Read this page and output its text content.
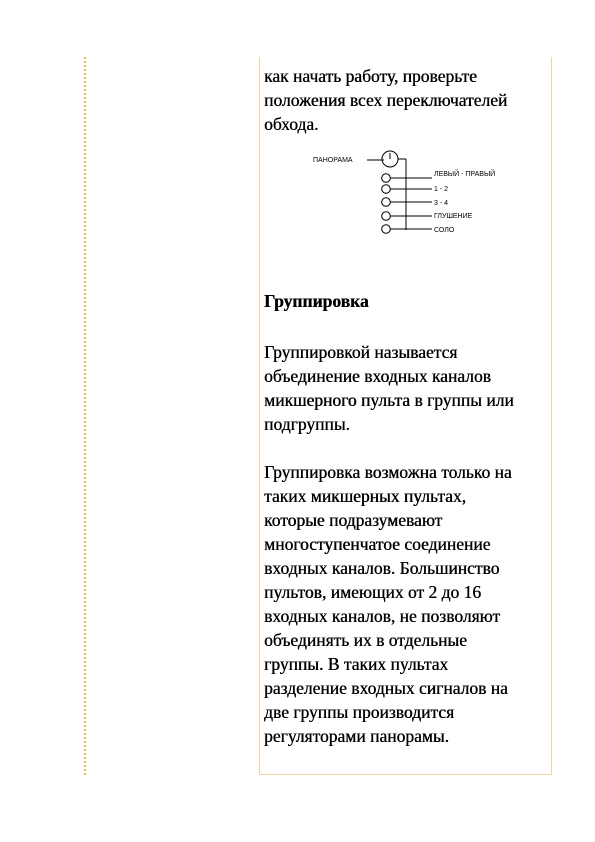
как начать работу, проверьте
положения всех переключателей
обхода.

ПАНОРАМА
ЛЕВЫЙ - ПРАВЫЙ
1 - 2
3 - 4
ГЛУШЕНИЕ
СОЛО

Группировка

Группировкой называется
объединение входных каналов
микшерного пульта в группы или
подгруппы.

Группировка возможна только на
таких микшерных пультах,
которые подразумевают
многоступенчатое соединение
входных каналов. Большинство
пультов, имеющих от 2 до 16
входных каналов, не позволяют
объединять их в отдельные
группы. В таких пультах
разделение входных сигналов на
две группы производится
регуляторами панорамы.
